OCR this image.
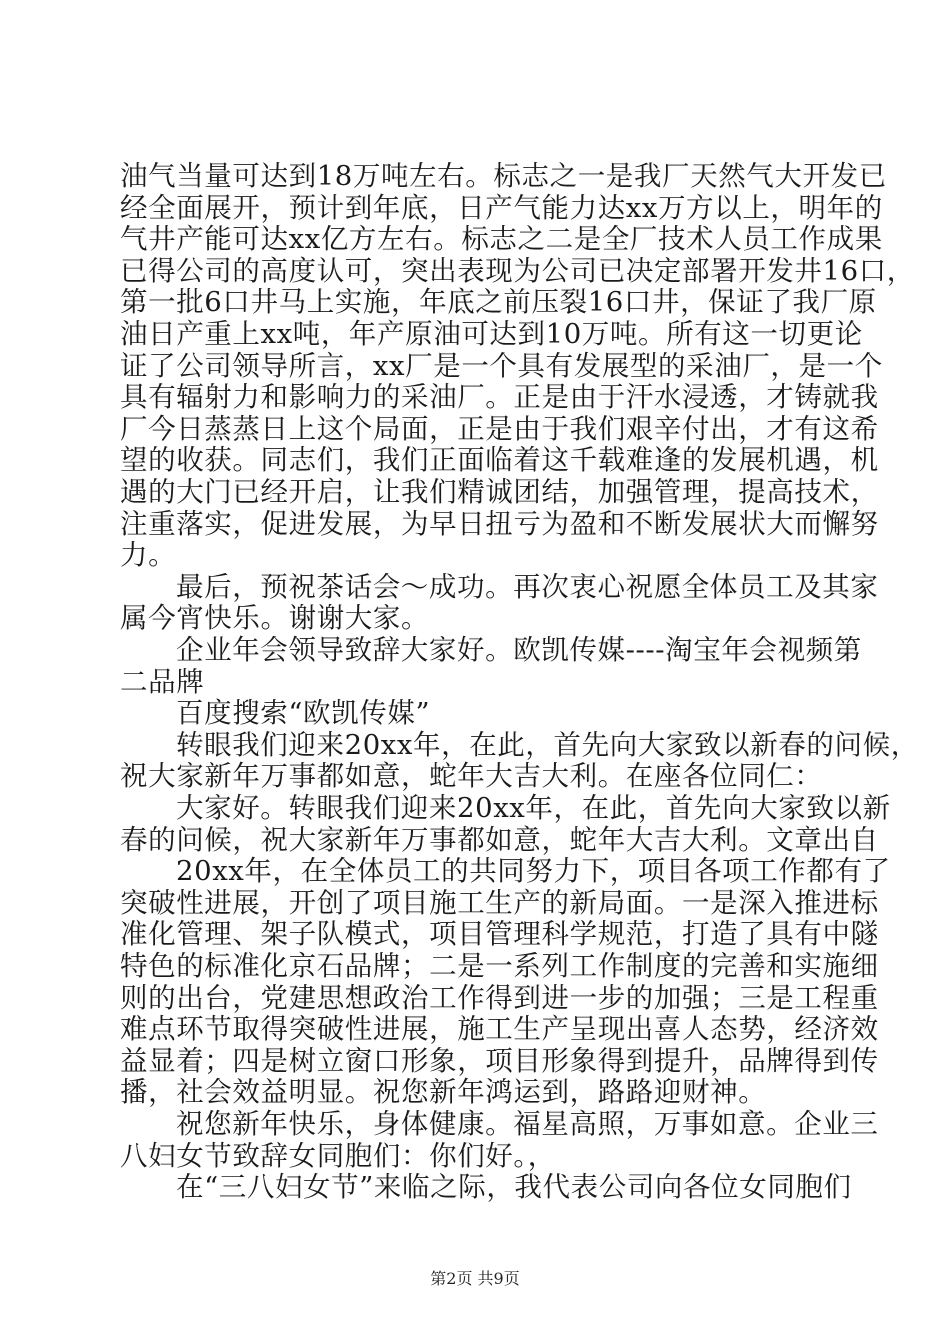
油气当量可达到18万吨左右。标志之一是我厂天然气大开发已
经全面展开，预计到年底，日产气能力达xx万方以上，明年的
气井产能可达xx亿方左右。标志之二是全厂技术人员工作成果
已得公司的高度认可，突出表现为公司已决定部署开发井16口，
第一批6口井马上实施，年底之前压裂16口井，保证了我厂原
油日产重上xx吨，年产原油可达到10万吨。所有这一切更论
证了公司领导所言，xx厂是一个具有发展型的采油厂，是一个
具有辐射力和影响力的采油厂。正是由于汗水浸透，才铸就我
厂今日蒸蒸日上这个局面，正是由于我们艰辛付出，才有这希
望的收获。同志们，我们正面临着这千载难逢的发展机遇，机
遇的大门已经开启，让我们精诚团结，加强管理，提高技术，
注重落实，促进发展，为早日扭亏为盈和不断发展状大而懈努
力。
最后，预祝茶话会～成功。再次衷心祝愿全体员工及其家
属今宵快乐。谢谢大家。
企业年会领导致辞大家好。欧凯传媒----淘宝年会视频第
二品牌
百度搜索“欧凯传媒”
转眼我们迎来20xx年，在此，首先向大家致以新春的问候，
祝大家新年万事都如意，蛇年大吉大利。在座各位同仁：
大家好。转眼我们迎来20xx年，在此，首先向大家致以新
春的问候，祝大家新年万事都如意，蛇年大吉大利。文章出自
20xx年，在全体员工的共同努力下，项目各项工作都有了
突破性进展，开创了项目施工生产的新局面。一是深入推进标
准化管理、架子队模式，项目管理科学规范，打造了具有中隧
特色的标准化京石品牌；二是一系列工作制度的完善和实施细
则的出台，党建思想政治工作得到进一步的加强；三是工程重
难点环节取得突破性进展，施工生产呈现出喜人态势，经济效
益显着；四是树立窗口形象，项目形象得到提升，品牌得到传
播，社会效益明显。祝您新年鸿运到，路路迎财神。
祝您新年快乐，身体健康。福星高照，万事如意。企业三
八妇女节致辞女同胞们：你们好。，
在“三八妇女节”来临之际，我代表公司向各位女同胞们
第2页 共9页
